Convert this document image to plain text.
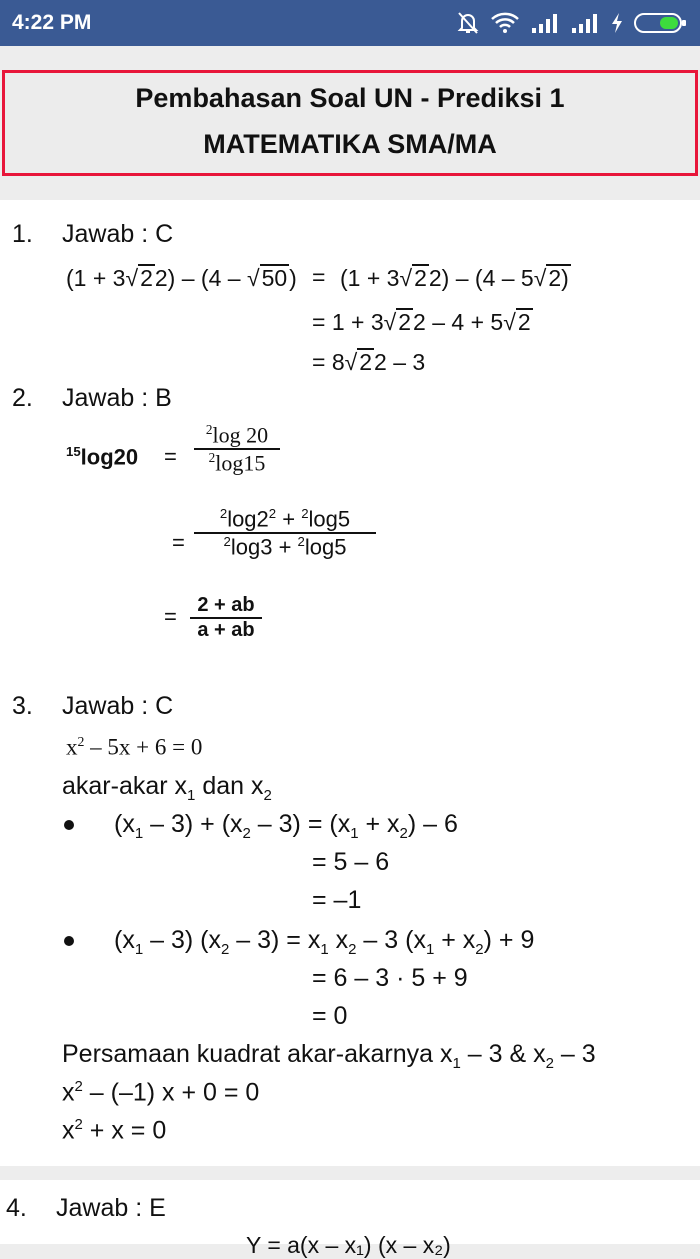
4:22 PM
Pembahasan Soal UN - Prediksi 1
MATEMATIKA SMA/MA
1. Jawab : C
(1 + 3√22) – (4 – √50) = (1 + 3√22) – (4 – 5√2)
= 1 + 3√22 – 4 + 5√2
= 8√22 – 3
2. Jawab : B
$^{15}$log20 =
$^2$log 20
$^2$log15
=
$^2\log 2^2 + ^2\log 5$
$^2$log3 + $^2$log5
=	2 + ab
a + ab
3. Jawab : C
$x^2 - 5x + 6 = 0$
akar-akar $x_1$ dan $x_2$
$(x_1 - 3) + (x_2 - 3) = (x_1 + x_2) - 6$
= 5 – 6
= –1
$(x_1 - 3)$ $(x_2 - 3) = x_1$ $x_2 - 3$ $(x_1 + x_2) + 9$
= 6 – 3 · 5 + 9
= 0
Persamaan kuadrat akar-akarnya $x_1 - 3$ & $x_2 - 3$
$x^2 - (-1) x + 0 = 0$
$x^2 + x = 0$
4. Jawab : E
Y = a(x – x₁) (x – x₂)
